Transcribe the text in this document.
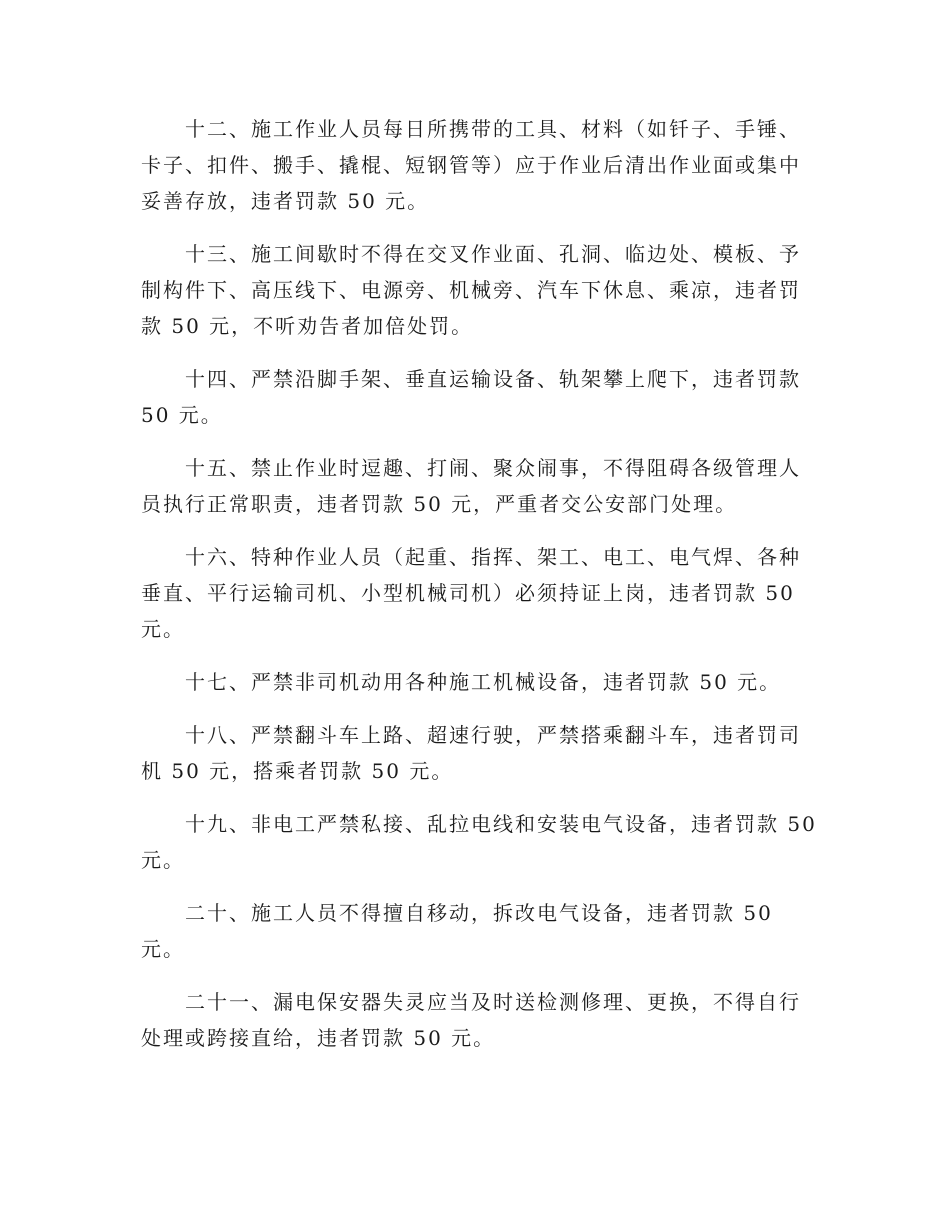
　　十二、施工作业人员每日所携带的工具、材料（如钎子、手锤、
卡子、扣件、搬手、撬棍、短钢管等）应于作业后清出作业面或集中
妥善存放，违者罚款 50 元。

　　十三、施工间歇时不得在交叉作业面、孔洞、临边处、模板、予
制构件下、高压线下、电源旁、机械旁、汽车下休息、乘凉，违者罚
款 50 元，不听劝告者加倍处罚。

　　十四、严禁沿脚手架、垂直运输设备、轨架攀上爬下，违者罚款
50 元。

　　十五、禁止作业时逗趣、打闹、聚众闹事，不得阻碍各级管理人
员执行正常职责，违者罚款 50 元，严重者交公安部门处理。

　　十六、特种作业人员（起重、指挥、架工、电工、电气焊、各种
垂直、平行运输司机、小型机械司机）必须持证上岗，违者罚款 50
元。

　　十七、严禁非司机动用各种施工机械设备，违者罚款 50 元。

　　十八、严禁翻斗车上路、超速行驶，严禁搭乘翻斗车，违者罚司
机 50 元，搭乘者罚款 50 元。

　　十九、非电工严禁私接、乱拉电线和安装电气设备，违者罚款 50
元。

　　二十、施工人员不得擅自移动，拆改电气设备，违者罚款 50
元。

　　二十一、漏电保安器失灵应当及时送检测修理、更换，不得自行
处理或跨接直给，违者罚款 50 元。
